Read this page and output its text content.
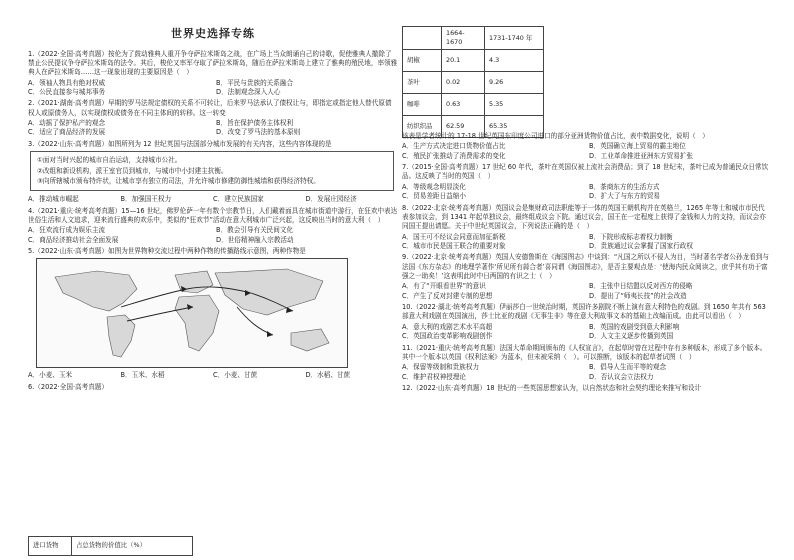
世界史选择专练

1.（2022·全国·高考真题）按伦为了鼓动雅典人重开争夺萨拉米斯岛之战，在广场上当众朗诵自己的诗歌，促使雅典人撤除了禁止公民提议争夺萨拉米斯岛的法令。其后，梭伦又率军夺取了萨拉米斯岛，随后在萨拉米斯岛上建立了雅典的殖民地，率领雅典人在萨拉米斯岛……这一现象出现的主要原因是（　）

A．领袖人物具有绝对权威	B．平民与贵族的关系融合
C．公民直接参与城邦事务	D．法制观念深入人心

2.（2021·湖南·高考真题）早期的罗马法规定债权的关系不可转让，后来罗马法承认了债权让与，即指定或指定他人替代原债权人或原债务人，以实现债权或债务在不同主体间的转移。这一转变

A．动摇了保护私产的观念	B．旨在保护债务主体权利
C．适应了商品经济的发展	D．改变了罗马法的基本原则

3.（2022·山东·高考真题）如图所列为 12 世纪英国与法国部分城市发展的有关内容，这些内容体现的是

①面对当时兴起的城市自治运动，支持城市公社。

②改组和新设机构，派王室官员到城市，与城市中小封建主抗衡。

③向所辖城市颁布特许状，让城市享有独立的司法，并允许城市修建防御性城墙和获得经济特权。

A．推动城市崛起	B．加强国王权力	C．建立民族国家	D．发展庄园经济

4.（2021·重庆·统考高考真题）15—16 世纪，佛罗伦萨一年有数个宗教节日，人们戴着面具在城市街道中游行，在狂欢中表达世俗生活和人文追求，迎来流行盛典的欢乐中，类似的“狂欢节”活动在意大利城市广泛兴起，这反映出当时的意大利（　）

A．狂欢流行成为娱乐主流	B．教会引导有关民间文化
C．商品经济推动社会全面发展	D．世俗精神融入宗教活动

5.（2022·山东·高考真题）如图为世界物种交流过程中两种作物的传播路线示意图，两种作物是

A．小麦、玉米	B．玉米、水稻	C．小麦、甘蔗	D．水稻、甘蔗

6.（2022·全国·高考真题）

进口货物	占总货物的价值比（%）
	1664-1670	1731-1740 年
胡椒	20.1	4.3
茶叶	0.02	9.26
咖啡	0.63	5.35
纺织织品	62.59	65.35

该表是学者统计的 17-18 世纪英国东印度公司进口的部分亚洲货物价值占比，表中数据变化，说明（　）

A．生产方式决定进口货物价值占比	B．英国确立海上贸易的霸主地位
C．殖民扩张推动了消费需求的变化	D．工业革命推进亚洲东方贸易扩张

7.（2015·全国·高考真题）17 世纪 60 年代，茶叶在英国仅被上流社会消费品；到了 18 世纪末，茶叶已成为普通民众日常饮品。这反映了当时的英国（　）

A．等级观念明显淡化	B．茶商东方的生活方式
C．贸易差距日益缩小	D．扩大了与东方的贸易

8.（2022·北京·统考高考真题）英国议会是集财政司法职能等于一体的英国王朝机构并在英格兰，1265 年等士和城市市民代表参加议会，到 1341 年起单独议会，最终组成议会下院。通过议会，国王在一定程度上获得了金钱和人力的支持，而议会亦同国王提出请愿。关于中世纪英国议会，下列说法正确的是（　）

A．国王可不经议会同意而加征新税	B．下院形成标志着权力制衡
C．城市市民是国王联合的重要对象	D．贵族通过议会掌握了国家行政权

9.（2022·北京·统考高考真题）英国人安德鲁斯在《海国图志》中谈到：“凡国之所以不侵人为目，当时著名学者公孙龙看到与法国《东方杂志》的地理学著作‘所见所有蒜合者’喜同谓《海国图志》，是否主要观点是：‘使海内民众阅读之，庶乎其有功于富强之一助矣！’这表明此时中日两国的有识之士（　）

A．有了“开眼看世界”的意识	B．主张中日结盟以反对西方的侵略
C．产生了反对封建专制的思想	D．提出了“师夷长技”的社会改造

10.（2022·湖北·统考高考真题）伊丽莎白一世统治时期，英国许多剧院不断上演有意大利特色的戏剧。到 1650 年共有 563 部意大利戏剧在英国演出，莎士比亚的戏剧《无事生非》等在意大利故事文本的基础上改编而成。由此可以看出（　）

A．意大利的戏剧艺术水平高超	B．英国的戏剧受到意大利影响
C．英国政治变革影响戏剧创作	D．人文主义逐步传播到英国

11.（2021·重庆·统考高考真题）法国大革命期间颁布的《人权宣言》，在起草时曾在过程中存有多种版本，形成了多个版本。其中一个版本以英国《权利法案》为蓝本，但未被采纳（　）。可以推断，该版本的起草者试图（　）

A．保留等级制和贵族权力	B．倡导人生而平等的观念
C．维护君权神授理论	D．否认议会立法权力

12.（2022·山东·高考真题）18 世纪的一些英国思想家认为，以自然状态和社会契约理论来推写和设计
